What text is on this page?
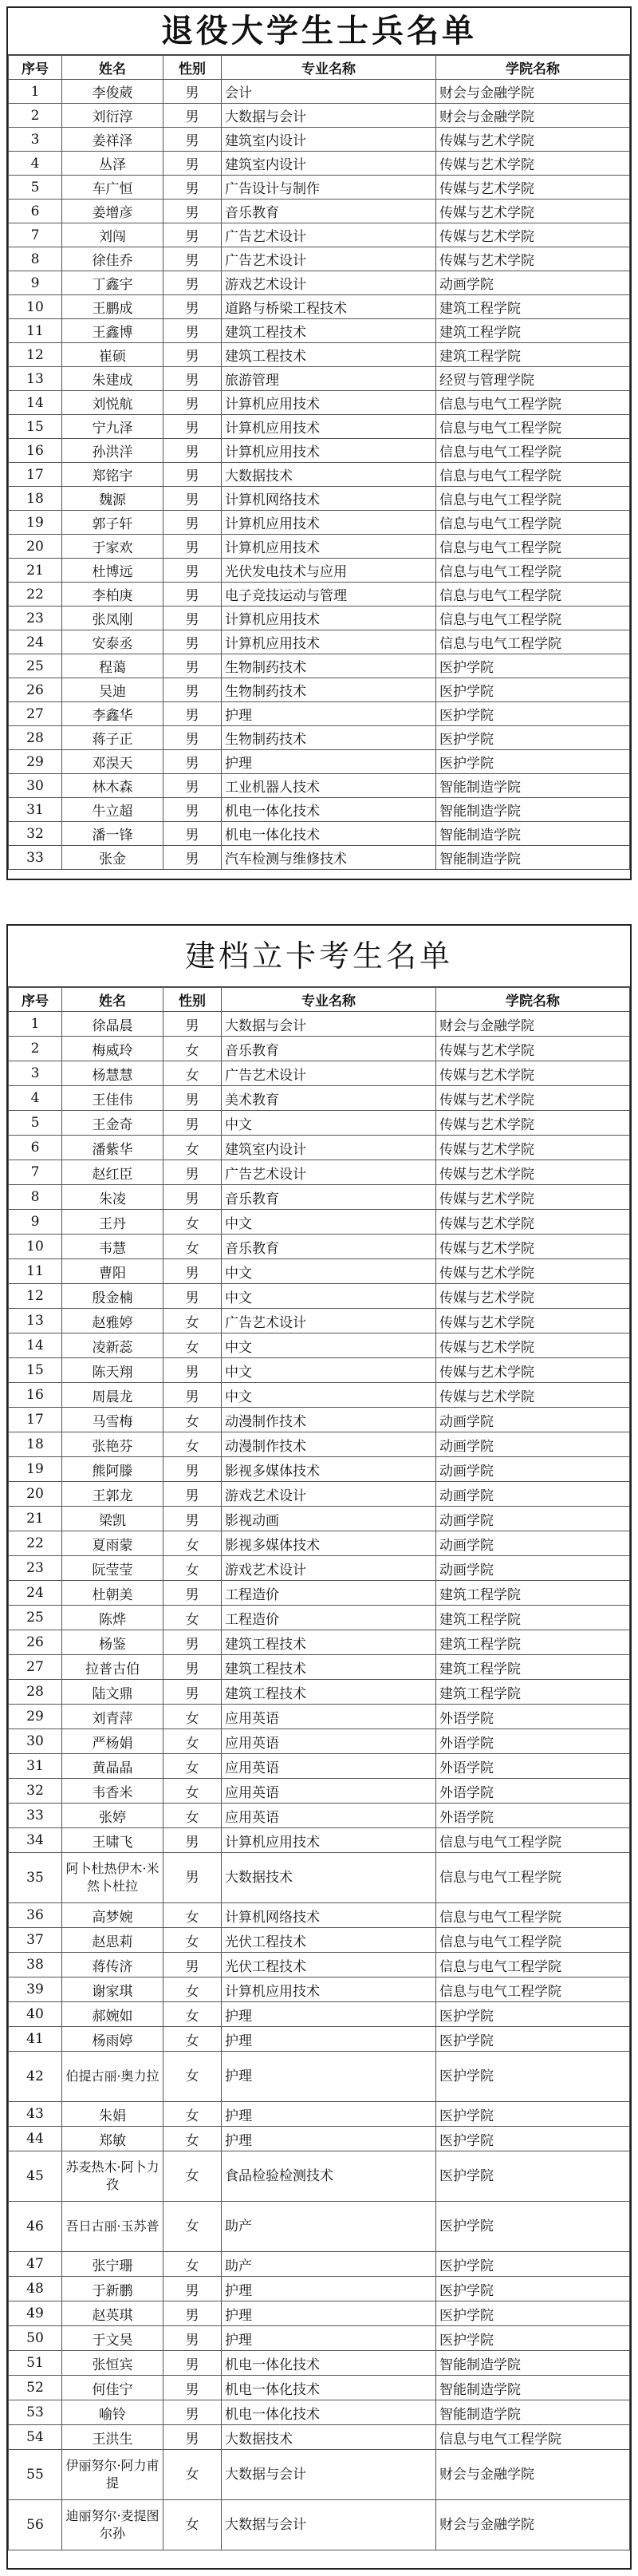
退役大学生士兵名单
序号	姓名	性别	专业名称	学院名称
1	李俊葳	男	会计	财会与金融学院
2	刘衍淳	男	大数据与会计	财会与金融学院
3	姜祥泽	男	建筑室内设计	传媒与艺术学院
4	丛泽	男	建筑室内设计	传媒与艺术学院
5	车广恒	男	广告设计与制作	传媒与艺术学院
6	姜增彦	男	音乐教育	传媒与艺术学院
7	刘闯	男	广告艺术设计	传媒与艺术学院
8	徐佳乔	男	广告艺术设计	传媒与艺术学院
9	丁鑫宇	男	游戏艺术设计	动画学院
10	王鹏成	男	道路与桥梁工程技术	建筑工程学院
11	王鑫博	男	建筑工程技术	建筑工程学院
12	崔硕	男	建筑工程技术	建筑工程学院
13	朱建成	男	旅游管理	经贸与管理学院
14	刘悦航	男	计算机应用技术	信息与电气工程学院
15	宁九泽	男	计算机应用技术	信息与电气工程学院
16	孙洪洋	男	计算机应用技术	信息与电气工程学院
17	郑铭宇	男	大数据技术	信息与电气工程学院
18	魏源	男	计算机网络技术	信息与电气工程学院
19	郭子轩	男	计算机应用技术	信息与电气工程学院
20	于家欢	男	计算机应用技术	信息与电气工程学院
21	杜博远	男	光伏发电技术与应用	信息与电气工程学院
22	李柏庚	男	电子竞技运动与管理	信息与电气工程学院
23	张凤刚	男	计算机应用技术	信息与电气工程学院
24	安泰丞	男	计算机应用技术	信息与电气工程学院
25	程蔼	男	生物制药技术	医护学院
26	吴迪	男	生物制药技术	医护学院
27	李鑫华	男	护理	医护学院
28	蒋子正	男	生物制药技术	医护学院
29	邓淏天	男	护理	医护学院
30	林木森	男	工业机器人技术	智能制造学院
31	牛立超	男	机电一体化技术	智能制造学院
32	潘一锋	男	机电一体化技术	智能制造学院
33	张金	男	汽车检测与维修技术	智能制造学院
建档立卡考生名单
序号	姓名	性别	专业名称	学院名称
1	徐晶晨	男	大数据与会计	财会与金融学院
2	梅威玲	女	音乐教育	传媒与艺术学院
3	杨慧慧	女	广告艺术设计	传媒与艺术学院
4	王佳伟	男	美术教育	传媒与艺术学院
5	王金奇	男	中文	传媒与艺术学院
6	潘紫华	女	建筑室内设计	传媒与艺术学院
7	赵红臣	男	广告艺术设计	传媒与艺术学院
8	朱凌	男	音乐教育	传媒与艺术学院
9	王丹	女	中文	传媒与艺术学院
10	韦慧	女	音乐教育	传媒与艺术学院
11	曹阳	男	中文	传媒与艺术学院
12	殷金楠	男	中文	传媒与艺术学院
13	赵雅婷	女	广告艺术设计	传媒与艺术学院
14	凌新蕊	女	中文	传媒与艺术学院
15	陈天翔	男	中文	传媒与艺术学院
16	周晨龙	男	中文	传媒与艺术学院
17	马雪梅	女	动漫制作技术	动画学院
18	张艳芬	女	动漫制作技术	动画学院
19	熊阿滕	男	影视多媒体技术	动画学院
20	王郭龙	男	游戏艺术设计	动画学院
21	梁凯	男	影视动画	动画学院
22	夏雨蒙	女	影视多媒体技术	动画学院
23	阮莹莹	女	游戏艺术设计	动画学院
24	杜朝美	男	工程造价	建筑工程学院
25	陈烨	女	工程造价	建筑工程学院
26	杨鉴	男	建筑工程技术	建筑工程学院
27	拉普古伯	男	建筑工程技术	建筑工程学院
28	陆文鼎	男	建筑工程技术	建筑工程学院
29	刘青萍	女	应用英语	外语学院
30	严杨娟	女	应用英语	外语学院
31	黄晶晶	女	应用英语	外语学院
32	韦香米	女	应用英语	外语学院
33	张婷	女	应用英语	外语学院
34	王啸飞	男	计算机应用技术	信息与电气工程学院
35	阿卜杜热伊木·米然卜杜拉	男	大数据技术	信息与电气工程学院
36	高梦婉	女	计算机网络技术	信息与电气工程学院
37	赵思莉	女	光伏工程技术	信息与电气工程学院
38	蒋传济	男	光伏工程技术	信息与电气工程学院
39	谢家琪	女	计算机应用技术	信息与电气工程学院
40	郝婉如	女	护理	医护学院
41	杨雨婷	女	护理	医护学院
42	伯提古丽·奥力拉	女	护理	医护学院
43	朱娟	女	护理	医护学院
44	郑敏	女	护理	医护学院
45	苏麦热木·阿卜力孜	女	食品检验检测技术	医护学院
46	吾日古丽·玉苏普	女	助产	医护学院
47	张宁珊	女	助产	医护学院
48	于新鹏	男	护理	医护学院
49	赵英琪	男	护理	医护学院
50	于文昊	男	护理	医护学院
51	张恒宾	男	机电一体化技术	智能制造学院
52	何佳宁	男	机电一体化技术	智能制造学院
53	喻铃	男	机电一体化技术	智能制造学院
54	王洪生	男	大数据技术	信息与电气工程学院
55	伊丽努尔·阿力甫提	女	大数据与会计	财会与金融学院
56	迪丽努尔·麦提图尔孙	女	大数据与会计	财会与金融学院
